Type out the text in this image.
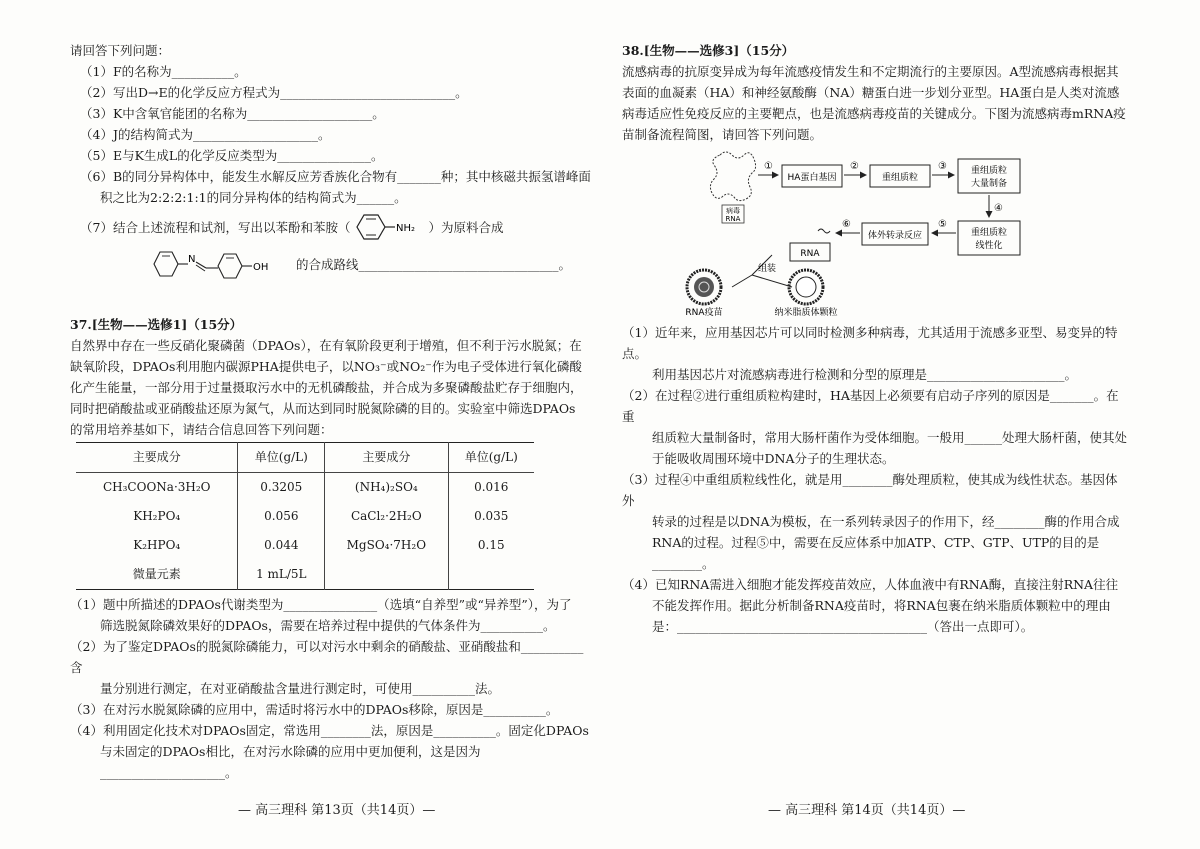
请回答下列问题：

（1）F的名称为__________。

（2）写出D→E的化学反应方程式为____________________________。

（3）K中含氧官能团的名称为____________________。

（4）J的结构简式为____________________。

（5）E与K生成L的化学反应类型为_______________。

（6）B的同分异构体中，能发生水解反应芳香族化合物有_______种；其中核磁共振氢谱峰面

积之比为2:2:2:1:1的同分异构体的结构简式为______。

（7）结合上述流程和试剂，写出以苯酚和苯胺（	NH₂ ）为原料合成
N
OH 的合成路线________________________________。

37.[生物——选修1]（15分）

自然界中存在一些反硝化聚磷菌（DPAOs），在有氧阶段更利于增殖，但不利于污水脱氮；在

缺氧阶段，DPAOs利用胞内碳源PHA提供电子，以NO₃⁻或NO₂⁻作为电子受体进行氧化磷酸

化产生能量，一部分用于过量摄取污水中的无机磷酸盐，并合成为多聚磷酸盐贮存于细胞内，

同时把硝酸盐或亚硝酸盐还原为氮气，从而达到同时脱氮除磷的目的。实验室中筛选DPAOs

的常用培养基如下，请结合信息回答下列问题：

主要成分	单位(g/L)	主要成分	单位(g/L)
CH₃COONa·3H₂O	0.3205	(NH₄)₂SO₄	0.016
KH₂PO₄	0.056	CaCl₂·2H₂O	0.035
K₂HPO₄	0.044	MgSO₄·7H₂O	0.15
微量元素	1 mL/5L		

（1）题中所描述的DPAOs代谢类型为_______________（选填“自养型”或“异养型”），为了

筛选脱氮除磷效果好的DPAOs，需要在培养过程中提供的气体条件为__________。

（2）为了鉴定DPAOs的脱氮除磷能力，可以对污水中剩余的硝酸盐、亚硝酸盐和__________含

量分别进行测定，在对亚硝酸盐含量进行测定时，可使用__________法。

（3）在对污水脱氮除磷的应用中，需适时将污水中的DPAOs移除，原因是__________。

（4）利用固定化技术对DPAOs固定，常选用________法，原因是__________。固定化DPAOs

与未固定的DPAOs相比，在对污水除磷的应用中更加便利，这是因为____________________。

38.[生物——选修3]（15分）

流感病毒的抗原变异成为每年流感疫情发生和不定期流行的主要原因。A型流感病毒根据其

表面的血凝素（HA）和神经氨酸酶（NA）糖蛋白进一步划分亚型。HA蛋白是人类对流感

病毒适应性免疫反应的主要靶点，也是流感病毒疫苗的关键成分。下图为流感病毒mRNA疫

苗制备流程简图，请回答下列问题。

病毒
RNA
①
HA蛋白基因
②
重组质粒
③	重组质粒
大量制备
④
重组质粒
线性化
⑤
体外转录反应
⑥
RNA
组装
RNA疫苗	纳米脂质体颗粒

（1）近年来，应用基因芯片可以同时检测多种病毒，尤其适用于流感多亚型、易变异的特点。

利用基因芯片对流感病毒进行检测和分型的原理是______________________。

（2）在过程②进行重组质粒构建时，HA基因上必须要有启动子序列的原因是_______。在重

组质粒大量制备时，常用大肠杆菌作为受体细胞。一般用______处理大肠杆菌，使其处

于能吸收周围环境中DNA分子的生理状态。

（3）过程④中重组质粒线性化，就是用________酶处理质粒，使其成为线性状态。基因体外

转录的过程是以DNA为模板，在一系列转录因子的作用下，经________酶的作用合成

RNA的过程。过程⑤中，需要在反应体系中加ATP、CTP、GTP、UTP的目的是________。

（4）已知RNA需进入细胞才能发挥疫苗效应，人体血液中有RNA酶，直接注射RNA往往

不能发挥作用。据此分析制备RNA疫苗时，将RNA包裹在纳米脂质体颗粒中的理由

是：________________________________________（答出一点即可）。

— 高三理科 第13页（共14页）—	— 高三理科 第14页（共14页）—
